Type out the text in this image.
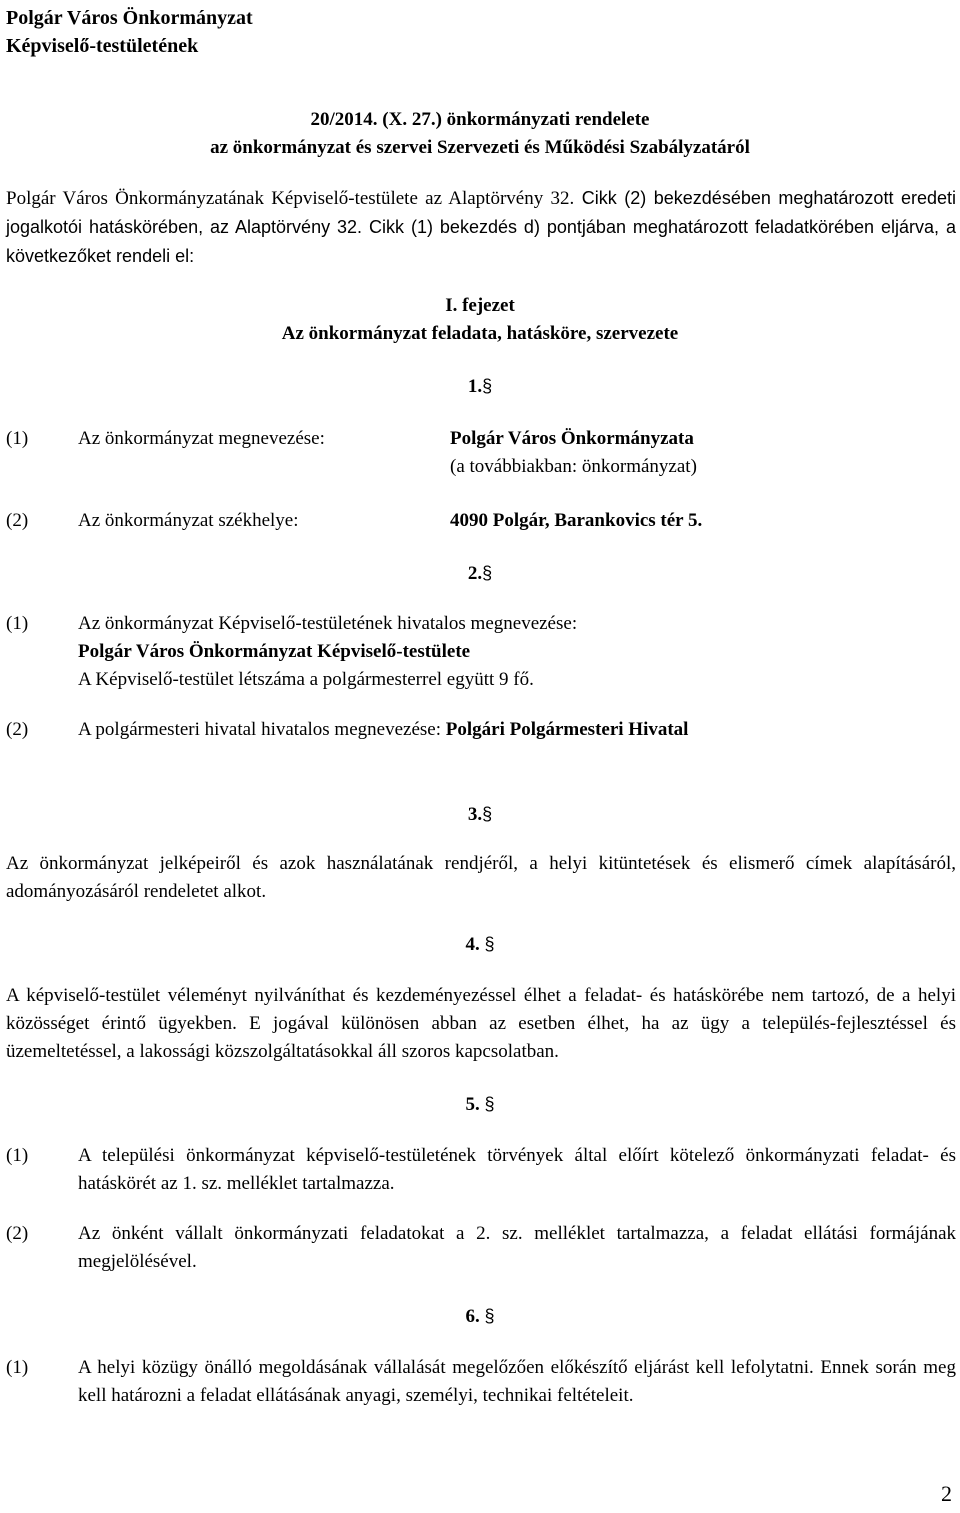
Polgár Város Önkormányzat
Képviselő-testületének
20/2014. (X. 27.) önkormányzati rendelete
az önkormányzat és szervei Szervezeti és Működési Szabályzatáról
Polgár Város Önkormányzatának Képviselő-testülete az Alaptörvény 32. Cikk (2) bekezdésében meghatározott eredeti jogalkotói hatáskörében, az Alaptörvény 32. Cikk (1) bekezdés d) pontjában meghatározott feladatkörében eljárva, a következőket rendeli el:
I. fejezet
Az önkormányzat feladata, hatásköre, szervezete
1.§
(1)	Az önkormányzat megnevezése:	Polgár Város Önkormányzata
(a továbbiakban: önkormányzat)
(2)	Az önkormányzat székhelye:	4090 Polgár, Barankovics tér 5.
2.§
(1)	Az önkormányzat Képviselő-testületének hivatalos megnevezése:
Polgár Város Önkormányzat Képviselő-testülete
A Képviselő-testület létszáma a polgármesterrel együtt 9 fő.
(2)	A polgármesteri hivatal hivatalos megnevezése: Polgári Polgármesteri Hivatal
3.§
Az önkormányzat jelképeiről és azok használatának rendjéről, a helyi kitüntetések és elismerő címek alapításáról, adományozásáról rendeletet alkot.
4. §
A képviselő-testület véleményt nyilváníthat és kezdeményezéssel élhet a feladat- és hatáskörébe nem tartozó, de a helyi közösséget érintő ügyekben. E jogával különösen abban az esetben élhet, ha az ügy a település-fejlesztéssel és üzemeltetéssel, a lakossági közszolgáltatásokkal áll szoros kapcsolatban.
5. §
(1)	A települési önkormányzat képviselő-testületének törvények által előírt kötelező önkormányzati feladat- és hatáskörét az 1. sz. melléklet tartalmazza.
(2)	Az önként vállalt önkormányzati feladatokat a 2. sz. melléklet tartalmazza, a feladat ellátási formájának megjelölésével.
6. §
(1)	A helyi közügy önálló megoldásának vállalását megelőzően előkészítő eljárást kell lefolytatni. Ennek során meg kell határozni a feladat ellátásának anyagi, személyi, technikai feltételeit.
2
